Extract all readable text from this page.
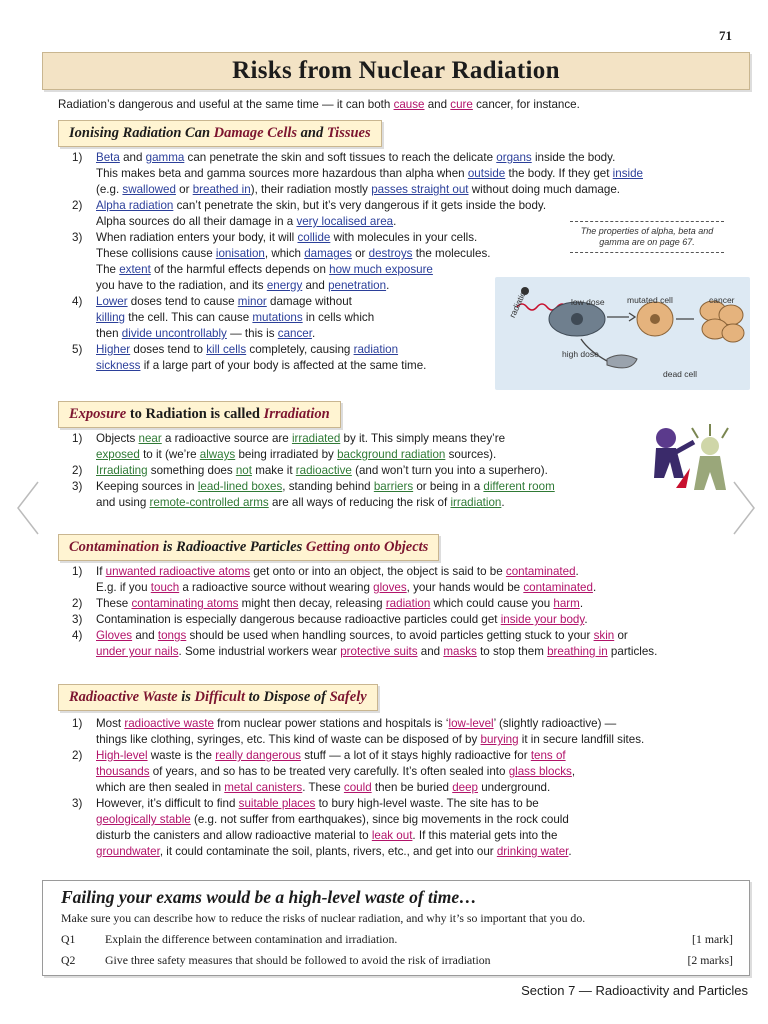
71
Risks from Nuclear Radiation
Radiation’s dangerous and useful at the same time — it can both cause and cure cancer, for instance.
Ionising Radiation Can
Damage Cells
and
Tissues
1) Beta and gamma can penetrate the skin and soft tissues to reach the delicate organs inside the body.
This makes beta and gamma sources more hazardous than alpha when outside the body. If they get inside
(e.g. swallowed or breathed in), their radiation mostly passes straight out without doing much damage.
2) Alpha radiation can’t penetrate the skin, but it’s very dangerous if it gets inside the body.
Alpha sources do all their damage in a very localised area.
3) When radiation enters your body, it will collide with molecules in your cells.
These collisions cause ionisation, which damages or destroys the molecules.
The extent of the harmful effects depends on how much exposure
you have to the radiation, and its energy and penetration.
4) Lower doses tend to cause minor damage without
killing the cell. This can cause mutations in cells which
then divide uncontrollably — this is cancer.
5) Higher doses tend to kill cells completely, causing radiation
sickness if a large part of your body is affected at the same time.
The properties of alpha, beta and gamma are on page 67.
radiation	low dose	mutated cell	cancer
high dose
dead cell
Exposure
to Radiation is called
Irradiation
1) Objects near a radioactive source are irradiated by it. This simply means they’re
exposed to it (we’re always being irradiated by background radiation sources).
2) Irradiating something does not make it radioactive (and won’t turn you into a superhero).
3) Keeping sources in lead-lined boxes, standing behind barriers or being in a different room
and using remote-controlled arms are all ways of reducing the risk of irradiation.
Contamination
is Radioactive Particles
Getting onto Objects
1) If unwanted radioactive atoms get onto or into an object, the object is said to be contaminated.
E.g. if you touch a radioactive source without wearing gloves, your hands would be contaminated.
2) These contaminating atoms might then decay, releasing radiation which could cause you harm.
3) Contamination is especially dangerous because radioactive particles could get inside your body.
4) Gloves and tongs should be used when handling sources, to avoid particles getting stuck to your skin or
under your nails. Some industrial workers wear protective suits and masks to stop them breathing in particles.
Radioactive Waste
is
Difficult
to Dispose of
Safely
1) Most radioactive waste from nuclear power stations and hospitals is ‘low-level’ (slightly radioactive) —
things like clothing, syringes, etc. This kind of waste can be disposed of by burying it in secure landfill sites.
2) High-level waste is the really dangerous stuff — a lot of it stays highly radioactive for tens of
thousands of years, and so has to be treated very carefully. It’s often sealed into glass blocks,
which are then sealed in metal canisters. These could then be buried deep underground.
3) However, it’s difficult to find suitable places to bury high-level waste. The site has to be
geologically stable (e.g. not suffer from earthquakes), since big movements in the rock could
disturb the canisters and allow radioactive material to leak out. If this material gets into the
groundwater, it could contaminate the soil, plants, rivers, etc., and get into our drinking water.
Failing your exams would be a high-level waste of time…
Make sure you can describe how to reduce the risks of nuclear radiation, and why it’s so important that you do.
Q1	Explain the difference between contamination and irradiation.	[1 mark]
Q2	Give three safety measures that should be followed to avoid the risk of irradiation	[2 marks]
Section 7 — Radioactivity and Particles
